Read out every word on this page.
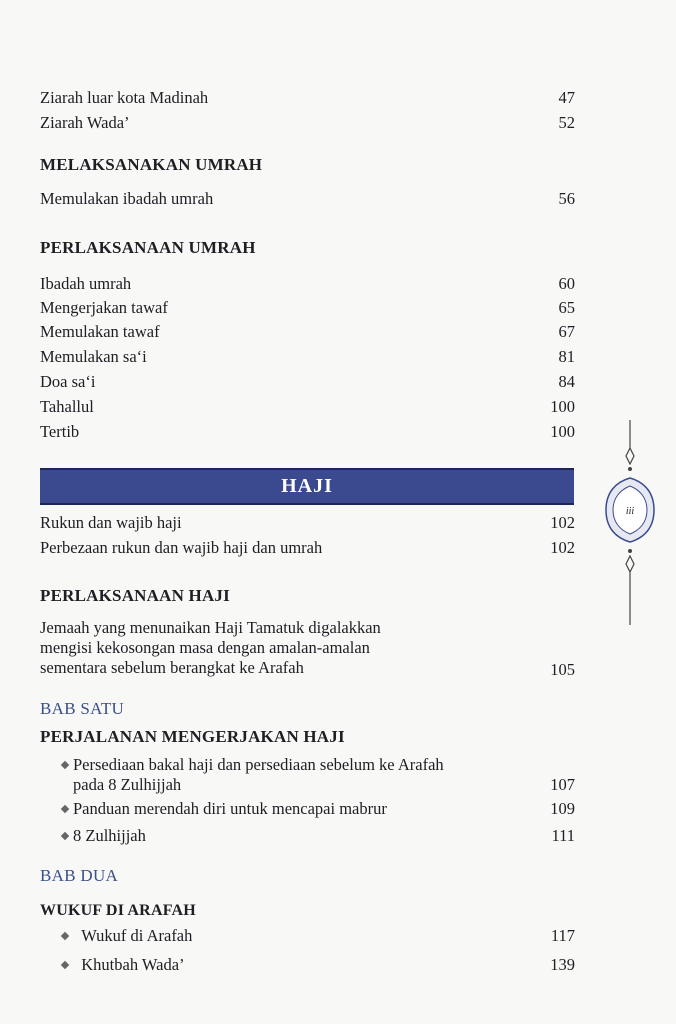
Ziarah luar kota Madinah	47
Ziarah Wada’	52
MELAKSANAKAN UMRAH
Memulakan ibadah umrah	56
PERLAKSANAAN UMRAH
Ibadah umrah	60
Mengerjakan tawaf	65
Memulakan tawaf	67
Memulakan sa‘i	81
Doa sa‘i	84
Tahallul	100
Tertib	100
HAJI
Rukun dan wajib haji	102
Perbezaan rukun dan wajib haji dan umrah	102
PERLAKSANAAN HAJI
Jemaah yang menunaikan Haji Tamatuk digalakkan
mengisi kekosongan masa dengan amalan-amalan
sementara sebelum berangkat ke Arafah	105
BAB SATU
PERJALANAN MENGERJAKAN HAJI
Persediaan bakal haji dan persediaan sebelum ke Arafah
pada 8 Zulhijjah	107
Panduan merendah diri untuk mencapai mabrur	109
8 Zulhijjah	111
BAB DUA
WUKUF DI ARAFAH
Wukuf di Arafah	117
Khutbah Wada’	139
iii
